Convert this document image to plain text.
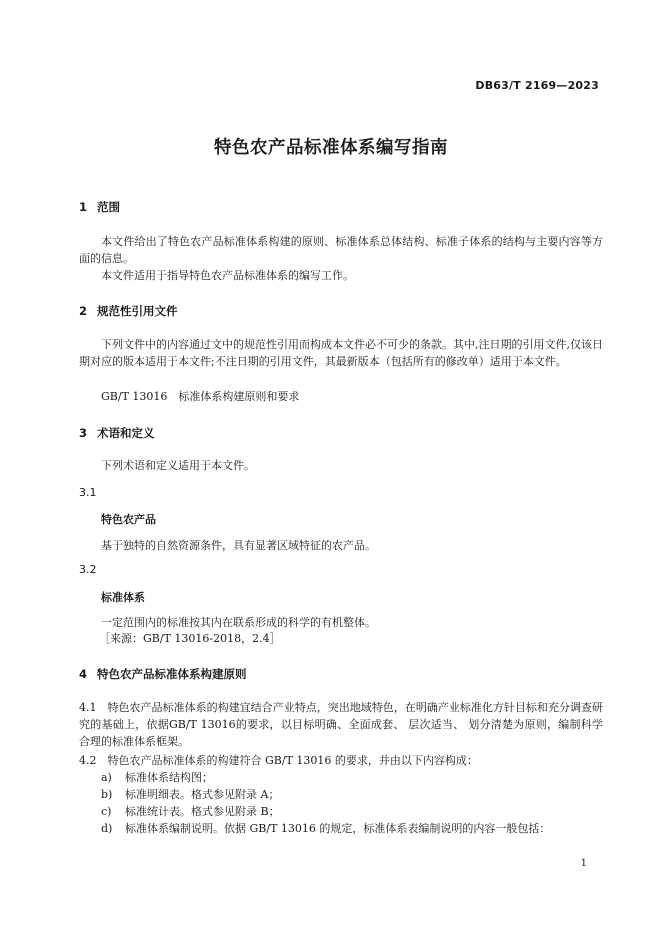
DB63/T 2169—2023
特色农产品标准体系编写指南
1 范围
本文件给出了特色农产品标准体系构建的原则、标准体系总体结构、标准子体系的结构与主要内容等方面的信息。
本文件适用于指导特色农产品标准体系的编写工作。
2 规范性引用文件
下列文件中的内容通过文中的规范性引用而构成本文件必不可少的条款。其中,注日期的引用文件,仅该日期对应的版本适用于本文件;不注日期的引用文件，其最新版本（包括所有的修改单）适用于本文件。
GB/T 13016　标准体系构建原则和要求
3 术语和定义
下列术语和定义适用于本文件。
3.1
特色农产品
基于独特的自然资源条件，具有显著区域特征的农产品。
3.2
标准体系
一定范围内的标准按其内在联系形成的科学的有机整体。
［来源：GB/T 13016-2018，2.4］
4 特色农产品标准体系构建原则
4.1　特色农产品标准体系的构建宜结合产业特点，突出地域特色，在明确产业标准化方针目标和充分调查研究的基础上，依据GB/T 13016的要求，以目标明确、全面成套、 层次适当、 划分清楚为原则，编制科学合理的标准体系框架。
4.2　特色农产品标准体系的构建符合 GB/T 13016 的要求，并由以下内容构成：
a) 标准体系结构图；
b) 标准明细表。格式参见附录 A；
c) 标准统计表。格式参见附录 B；
d) 标准体系编制说明。依据 GB/T 13016 的规定，标准体系表编制说明的内容一般包括：
1
